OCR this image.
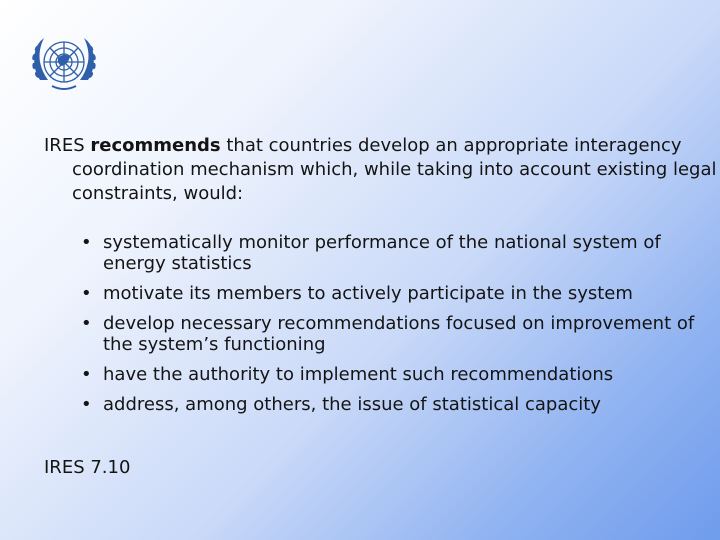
IRES recommends that countries develop an appropriate interagency coordination mechanism which, while taking into account existing legal constraints, would:

• systematically monitor performance of the national system of energy statistics
• motivate its members to actively participate in the system
• develop necessary recommendations focused on improvement of the system’s functioning
• have the authority to implement such recommendations
• address, among others, the issue of statistical capacity

IRES 7.10
